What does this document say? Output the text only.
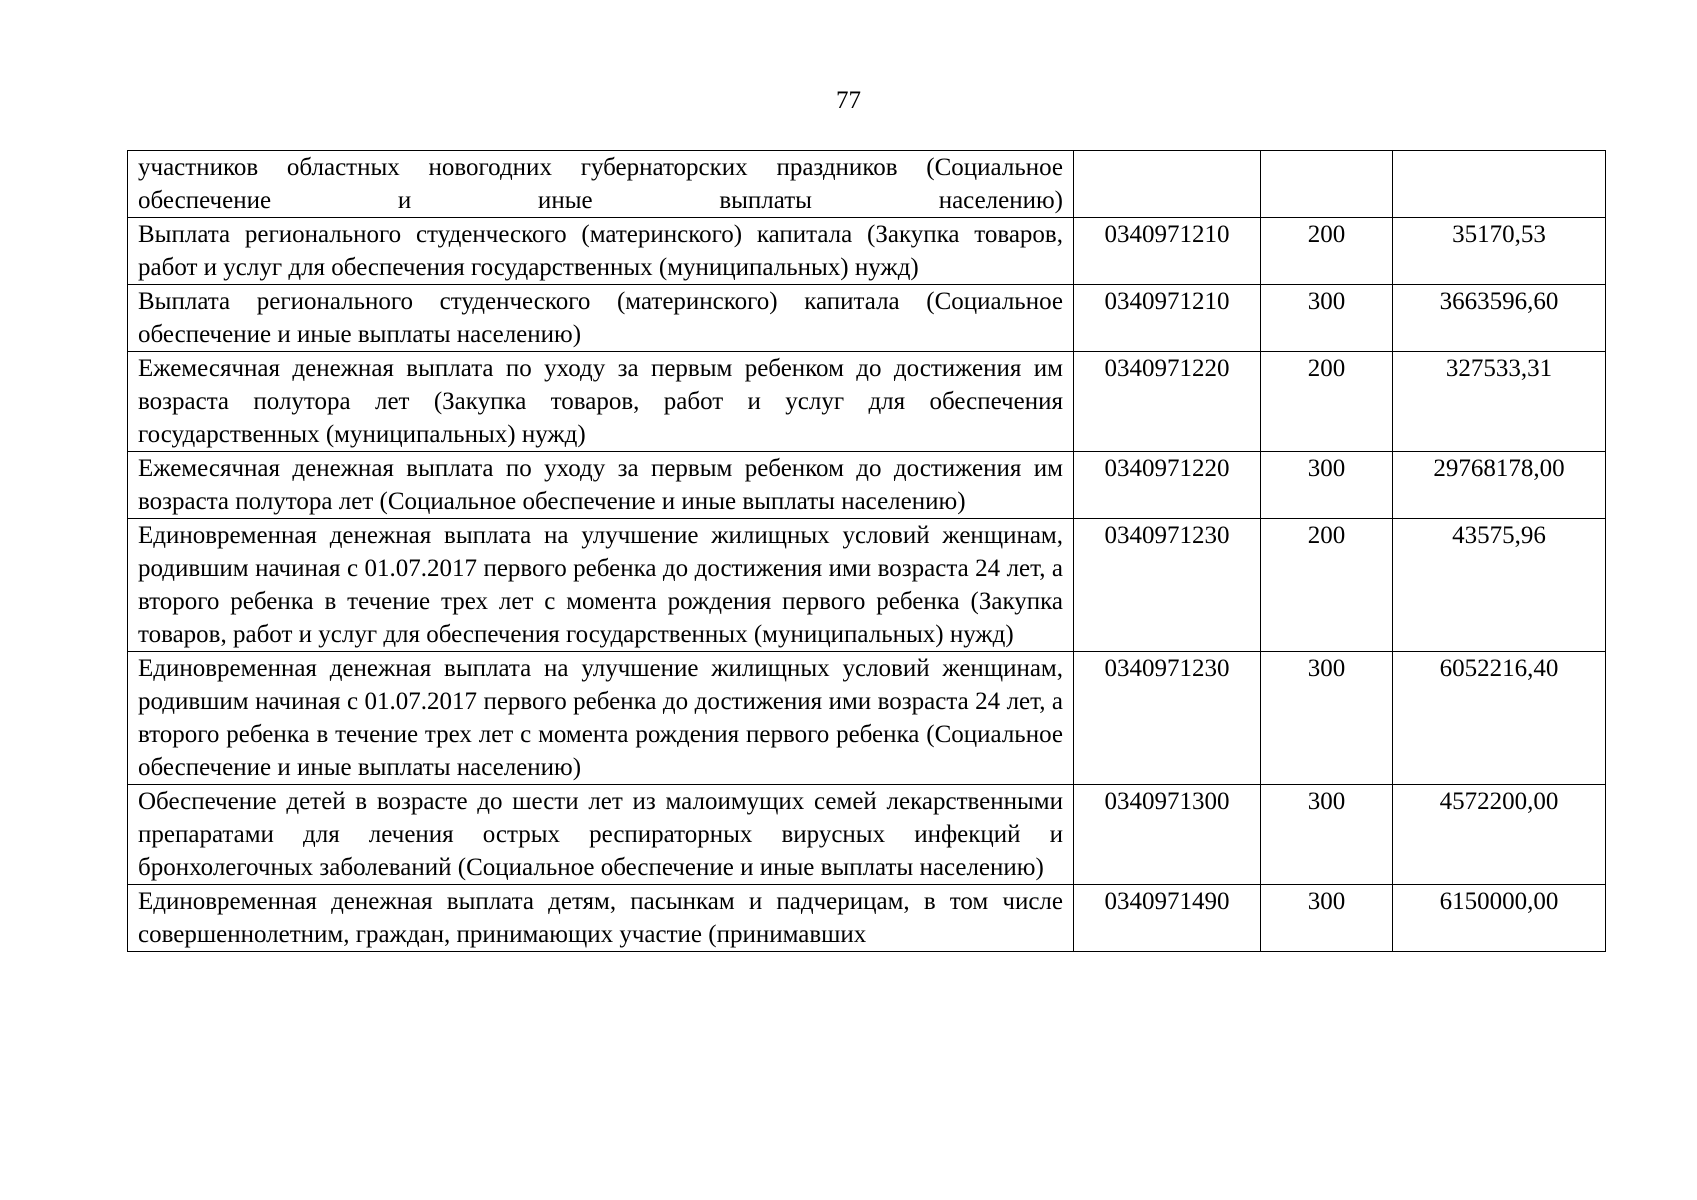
77
участников областных новогодних губернаторских праздников (Социальное обеспечение и иные выплаты населению)			
Выплата регионального студенческого (материнского) капитала (Закупка товаров, работ и услуг для обеспечения государственных (муниципальных) нужд)	0340971210	200	35170,53
Выплата регионального студенческого (материнского) капитала (Социальное обеспечение и иные выплаты населению)	0340971210	300	3663596,60
Ежемесячная денежная выплата по уходу за первым ребенком до достижения им возраста полутора лет (Закупка товаров, работ и услуг для обеспечения государственных (муниципальных) нужд)	0340971220	200	327533,31
Ежемесячная денежная выплата по уходу за первым ребенком до достижения им возраста полутора лет (Социальное обеспечение и иные выплаты населению)	0340971220	300	29768178,00
Единовременная денежная выплата на улучшение жилищных условий женщинам, родившим начиная с 01.07.2017 первого ребенка до достижения ими возраста 24 лет, а второго ребенка в течение трех лет с момента рождения первого ребенка (Закупка товаров, работ и услуг для обеспечения государственных (муниципальных) нужд)	0340971230	200	43575,96
Единовременная денежная выплата на улучшение жилищных условий женщинам, родившим начиная с 01.07.2017 первого ребенка до достижения ими возраста 24 лет, а второго ребенка в течение трех лет с момента рождения первого ребенка (Социальное обеспечение и иные выплаты населению)	0340971230	300	6052216,40
Обеспечение детей в возрасте до шести лет из малоимущих семей лекарственными препаратами для лечения острых респираторных вирусных инфекций и бронхолегочных заболеваний (Социальное обеспечение и иные выплаты населению)	0340971300	300	4572200,00
Единовременная денежная выплата детям, пасынкам и падчерицам, в том числе совершеннолетним, граждан, принимающих участие (принимавших	0340971490	300	6150000,00
